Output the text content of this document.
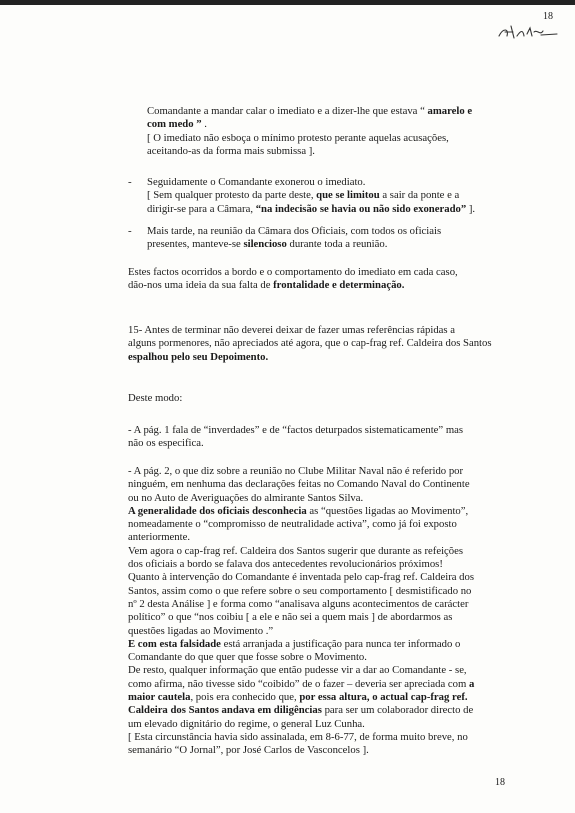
18

Comandante a mandar calar o imediato e a dizer-lhe que estava “ amarelo e
com medo ” .
[ O imediato não esboça o mínimo protesto perante aquelas acusações,
aceitando-as da forma mais submissa ].

- Seguidamente o Comandante exonerou o imediato.
[ Sem qualquer protesto da parte deste, que se limitou a sair da ponte e a
dirigir-se para a Câmara, “na indecisão se havia ou não sido exonerado” ].

- Mais tarde, na reunião da Câmara dos Oficiais, com todos os oficiais
presentes, manteve-se silencioso durante toda a reunião.

Estes factos ocorridos a bordo e o comportamento do imediato em cada caso,
dão-nos uma ideia da sua falta de frontalidade e determinação.

15- Antes de terminar não deverei deixar de fazer umas referências rápidas a
alguns pormenores, não apreciados até agora, que o cap-frag ref. Caldeira dos Santos
espalhou pelo seu Depoimento.

Deste modo:

- A pág. 1 fala de “inverdades” e de “factos deturpados sistematicamente” mas
não os especifica.

- A pág. 2, o que diz sobre a reunião no Clube Militar Naval não é referido por
ninguém, em nenhuma das declarações feitas no Comando Naval do Continente
ou no Auto de Averiguações do almirante Santos Silva.
A generalidade dos oficiais desconhecia as “questões ligadas ao Movimento”,
nomeadamente o “compromisso de neutralidade activa”, como já foi exposto
anteriormente.
Vem agora o cap-frag ref. Caldeira dos Santos sugerir que durante as refeições
dos oficiais a bordo se falava dos antecedentes revolucionários próximos!
Quanto à intervenção do Comandante é inventada pelo cap-frag ref. Caldeira dos
Santos, assim como o que refere sobre o seu comportamento [ desmistificado no
nº 2 desta Análise ] e forma como “analisava alguns acontecimentos de carácter
político” o que “nos coibiu [ a ele e não sei a quem mais ] de abordarmos as
questões ligadas ao Movimento .”
E com esta falsidade está arranjada a justificação para nunca ter informado o
Comandante do que quer que fosse sobre o Movimento.
De resto, qualquer informação que então pudesse vir a dar ao Comandante - se,
como afirma, não tivesse sido “coibido” de o fazer – deveria ser apreciada com a
maior cautela, pois era conhecido que, por essa altura, o actual cap-frag ref.
Caldeira dos Santos andava em diligências para ser um colaborador directo de
um elevado dignitário do regime, o general Luz Cunha.
[ Esta circunstância havia sido assinalada, em 8-6-77, de forma muito breve, no
semanário “O Jornal”, por José Carlos de Vasconcelos ].

18
